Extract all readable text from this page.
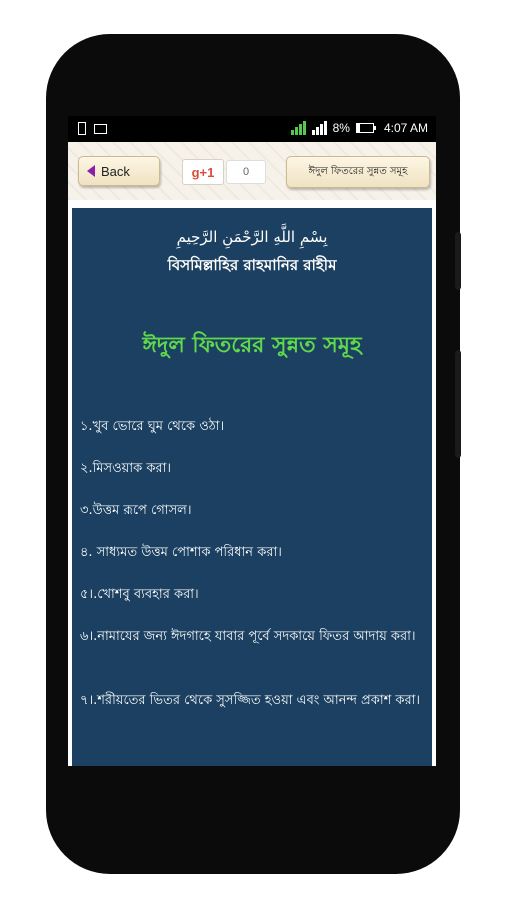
8%	4:07 AM
Back	g+1	0	ঈদুল ফিতরের সুন্নত সমূহ
بِسْمِ اللَّهِ الرَّحْمَنِ الرَّحِيمِ
বিসমিল্লাহির রাহমানির রাহীম
ঈদুল ফিতরের সুন্নত সমূহ
১.খুব ভোরে ঘুম থেকে ওঠা।
২.মিসওয়াক করা।
৩.উত্তম রূপে গোসল।
৪. সাধ্যমত উত্তম পোশাক পরিধান করা।
৫।.খোশবু ব্যবহার করা।
৬।.নামাযের জন্য ঈদগাহে যাবার পূর্বে সদকায়ে ফিতর আদায় করা।
৭।.শরীয়তের ভিতর থেকে সুসজ্জিত হওয়া এবং আনন্দ প্রকাশ করা।
